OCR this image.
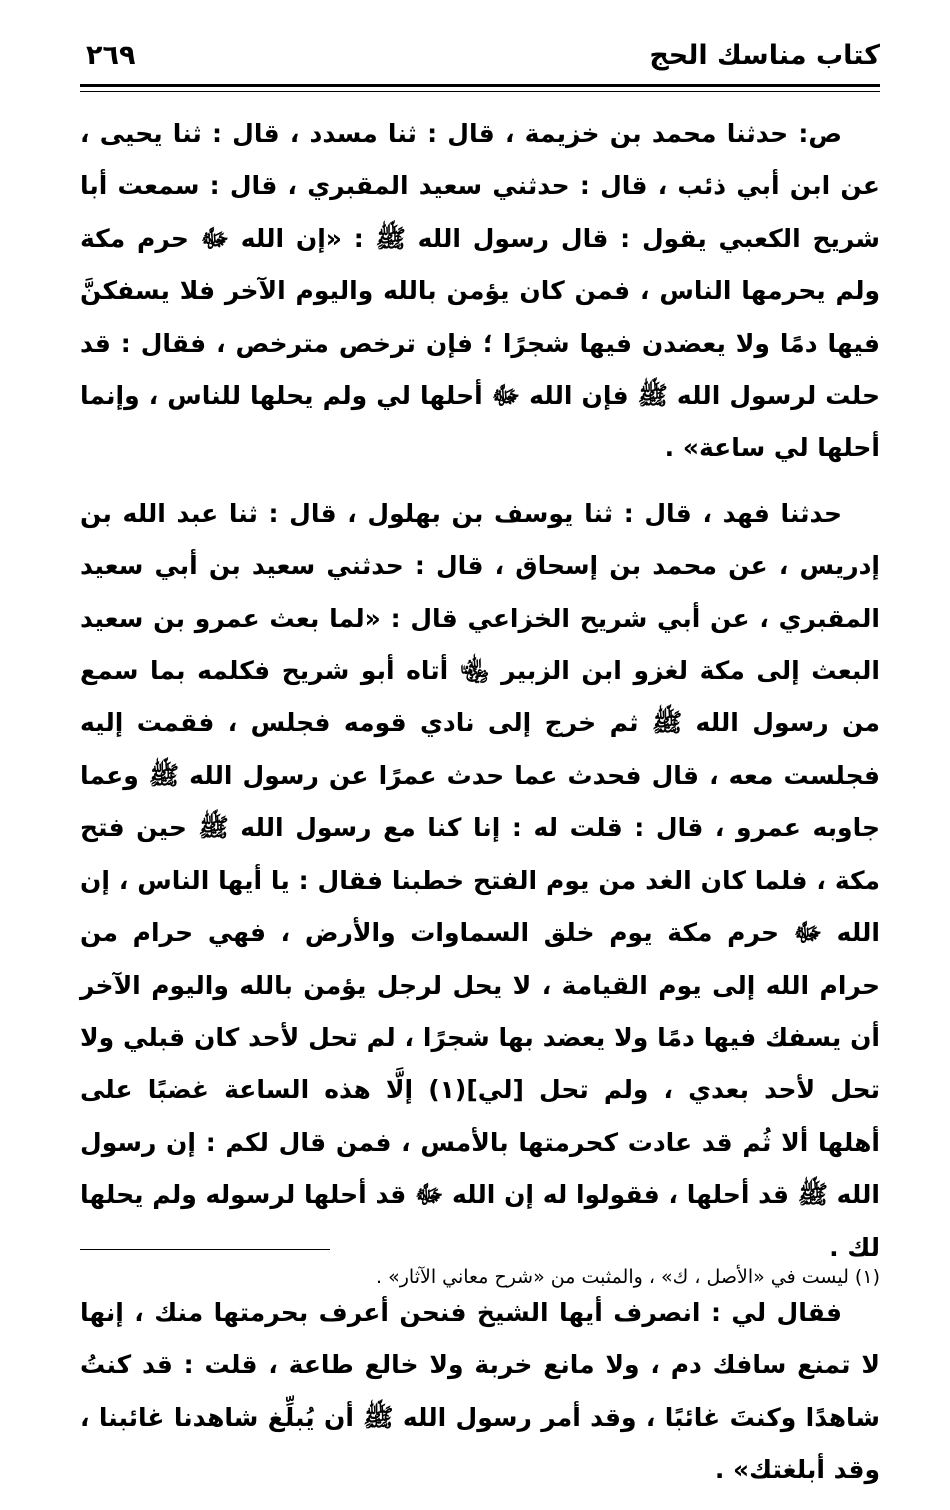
كتاب مناسك الحج
٢٦٩

ص: حدثنا محمد بن خزيمة ، قال : ثنا مسدد ، قال : ثنا يحيى ، عن ابن أبي ذئب ، قال : حدثني سعيد المقبري ، قال : سمعت أبا شريح الكعبي يقول : قال رسول الله ﷺ : «إن الله ﷻ حرم مكة ولم يحرمها الناس ، فمن كان يؤمن بالله واليوم الآخر فلا يسفكنَّ فيها دمًا ولا يعضدن فيها شجرًا ؛ فإن ترخص مترخص ، فقال : قد حلت لرسول الله ﷺ فإن الله ﷻ أحلها لي ولم يحلها للناس ، وإنما أحلها لي ساعة» .

حدثنا فهد ، قال : ثنا يوسف بن بهلول ، قال : ثنا عبد الله بن إدريس ، عن محمد بن إسحاق ، قال : حدثني سعيد بن أبي سعيد المقبري ، عن أبي شريح الخزاعي قال : «لما بعث عمرو بن سعيد البعث إلى مكة لغزو ابن الزبير ﵄ أتاه أبو شريح فكلمه بما سمع من رسول الله ﷺ ثم خرج إلى نادي قومه فجلس ، فقمت إليه فجلست معه ، قال فحدث عما حدث عمرًا عن رسول الله ﷺ وعما جاوبه عمرو ، قال : قلت له : إنا كنا مع رسول الله ﷺ حين فتح مكة ، فلما كان الغد من يوم الفتح خطبنا فقال : يا أيها الناس ، إن الله ﷻ حرم مكة يوم خلق السماوات والأرض ، فهي حرام من حرام الله إلى يوم القيامة ، لا يحل لرجل يؤمن بالله واليوم الآخر أن يسفك فيها دمًا ولا يعضد بها شجرًا ، لم تحل لأحد كان قبلي ولا تحل لأحد بعدي ، ولم تحل [لي](١) إلَّا هذه الساعة غضبًا على أهلها ألا ثُم قد عادت كحرمتها بالأمس ، فمن قال لكم : إن رسول الله ﷺ قد أحلها ، فقولوا له إن الله ﷻ قد أحلها لرسوله ولم يحلها لك .

فقال لي : انصرف أيها الشيخ فنحن أعرف بحرمتها منك ، إنها لا تمنع سافك دم ، ولا مانع خربة ولا خالع طاعة ، قلت : قد كنتُ شاهدًا وكنتَ غائبًا ، وقد أمر رسول الله ﷺ أن يُبلِّغ شاهدنا غائبنا ، وقد أبلغتك» .

(١) ليست في «الأصل ، ك» ، والمثبت من «شرح معاني الآثار» .
